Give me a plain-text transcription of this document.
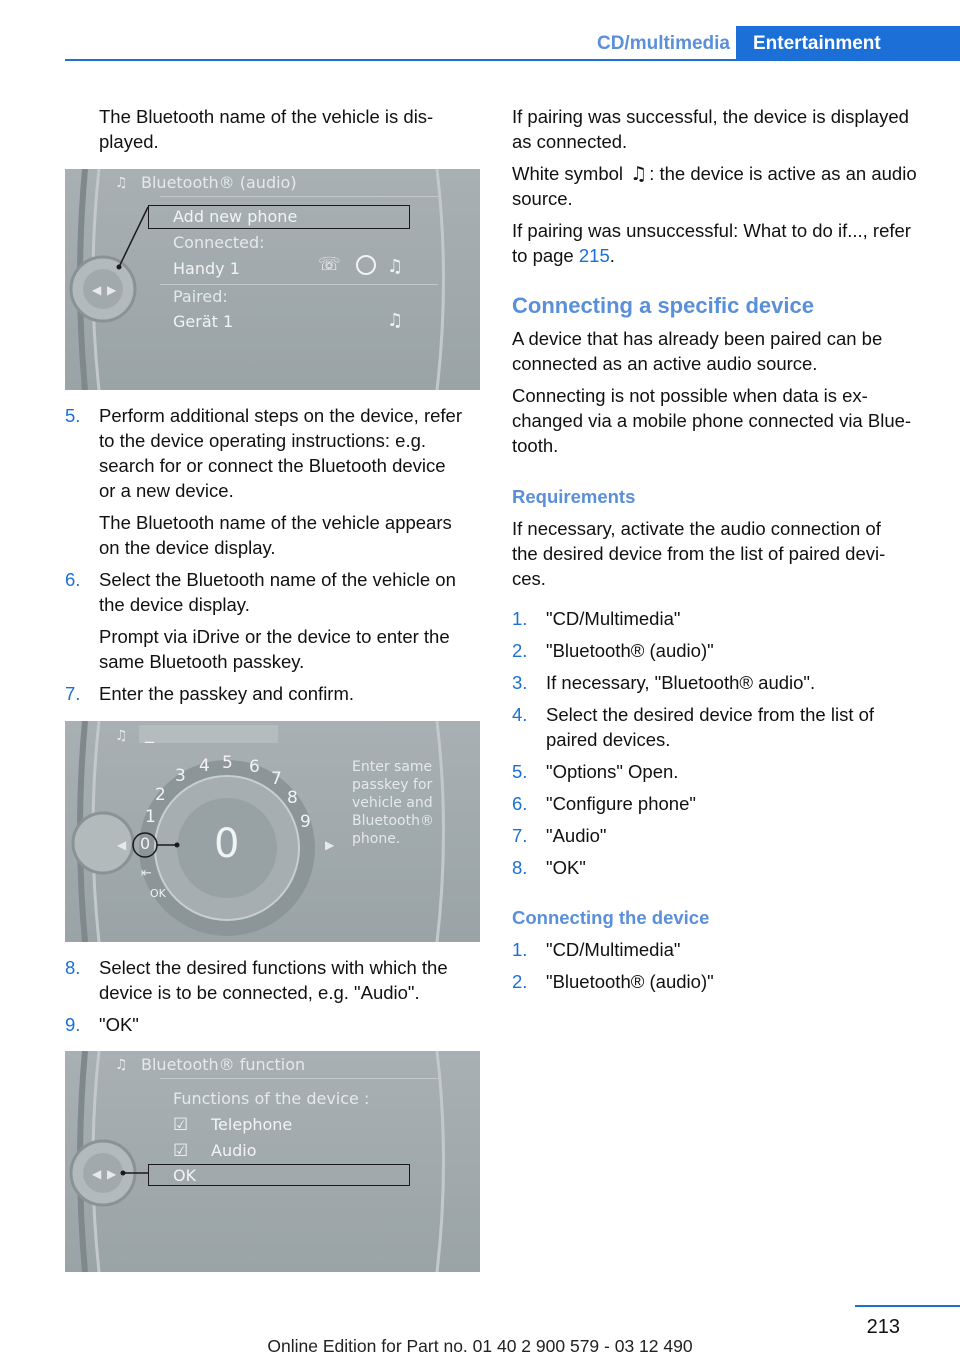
CD/multimedia	Entertainment
The Bluetooth name of the vehicle is dis-
played.
◀ ▶
♫
☏	♫
♫
Bluetooth® (audio)
Add new phone
Connected:
Handy 1
Paired:
Gerät 1
5. Perform additional steps on the device, refer
to the device operating instructions: e.g.
search for or connect the Bluetooth device
or a new device.
The Bluetooth name of the vehicle appears
on the device display.
6. Select the Bluetooth name of the vehicle on
the device display.
Prompt via iDrive or the device to enter the
same Bluetooth passkey.
7. Enter the passkey and confirm.
♫
◀	▶
⇤
_
1
2
3 4 5 6
7
8
9
0 0
OK
Enter same
passkey for
vehicle and
Bluetooth®
phone.
8. Select the desired functions with which the
device is to be connected, e.g. "Audio".
9. "OK"
◀ ▶
♫
☑
☑
Bluetooth® function
Functions of the device :
Telephone
Audio
OK
If pairing was successful, the device is displayed
as connected.
White symbol ♫ : the device is active as an audio
source.
If pairing was unsuccessful: What to do if..., refer
to page 215.
Connecting a specific device
A device that has already been paired can be
connected as an active audio source.
Connecting is not possible when data is ex-
changed via a mobile phone connected via Blue-
tooth.
Requirements
If necessary, activate the audio connection of
the desired device from the list of paired devi-
ces.
1. "CD/Multimedia"
2. "Bluetooth® (audio)"
3. If necessary, "Bluetooth® audio".
4. Select the desired device from the list of
paired devices.
5. "Options" Open.
6. "Configure phone"
7. "Audio"
8. "OK"
Connecting the device
1. "CD/Multimedia"
2. "Bluetooth® (audio)"
213
Online Edition for Part no. 01 40 2 900 579 - 03 12 490
